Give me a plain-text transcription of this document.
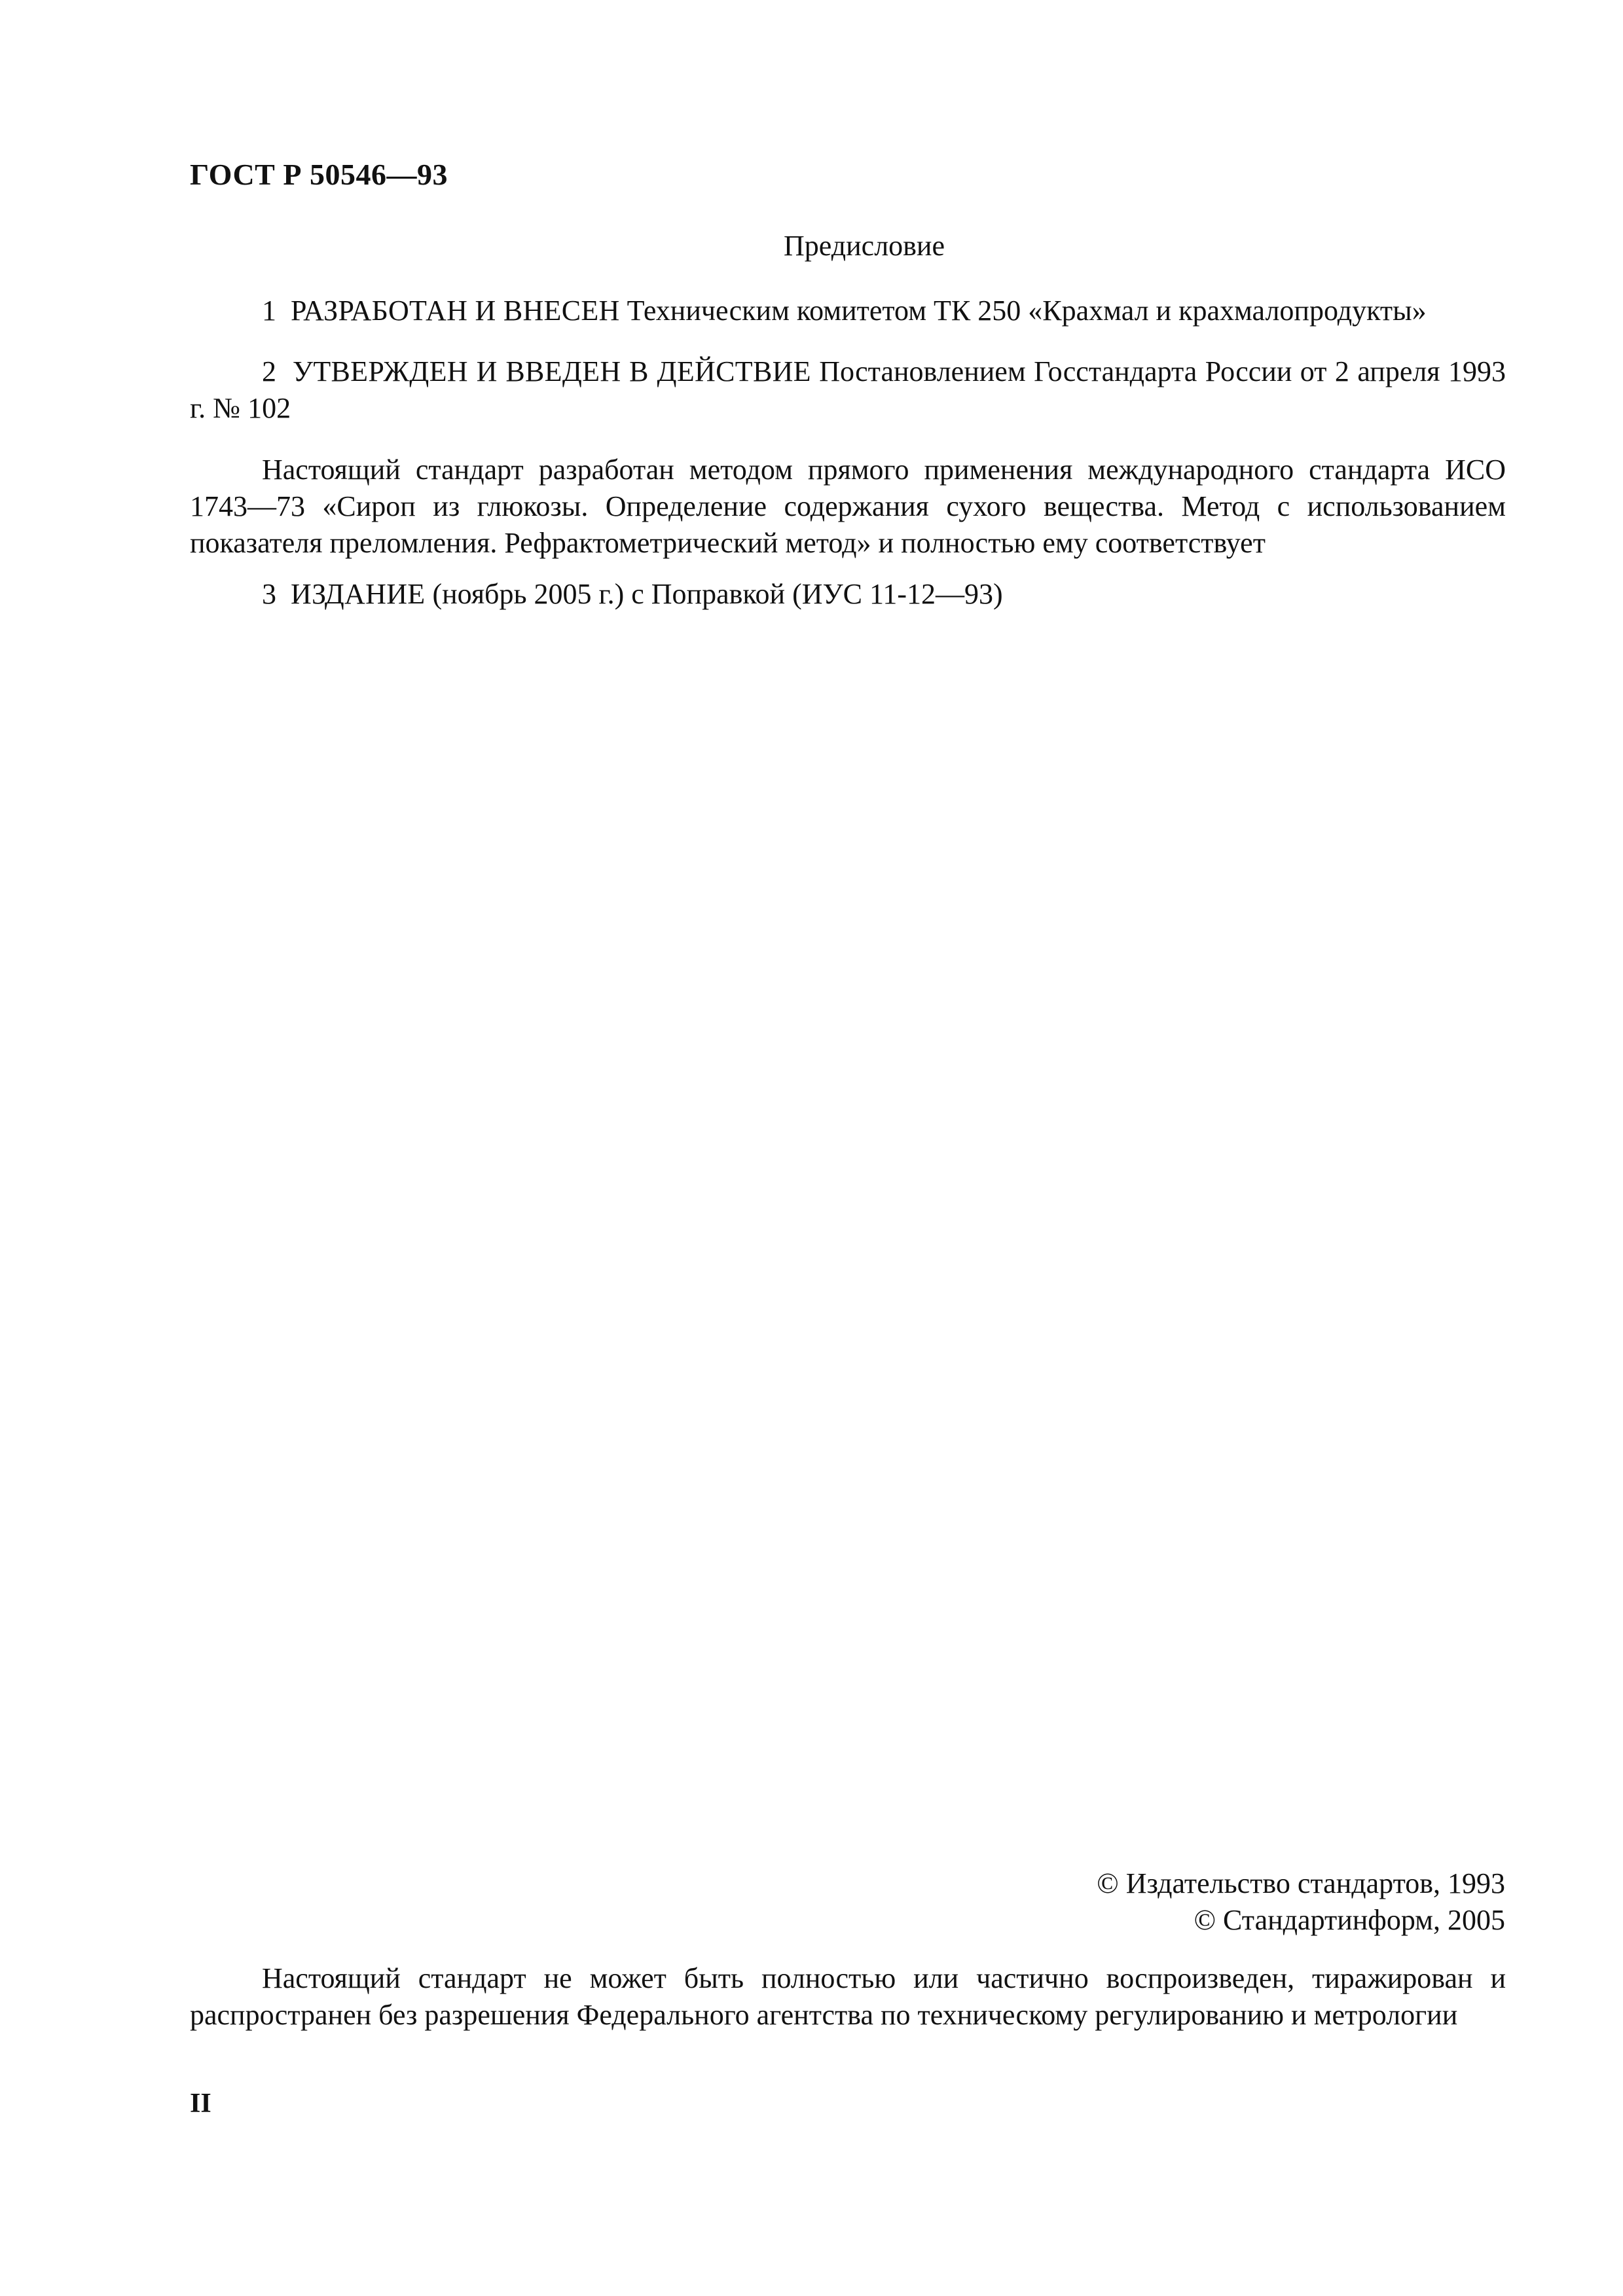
ГОСТ Р 50546—93
Предисловие

1 РАЗРАБОТАН И ВНЕСЕН Техническим комитетом ТК 250 «Крахмал и крахмалопродукты»

2 УТВЕРЖДЕН И ВВЕДЕН В ДЕЙСТВИЕ Постановлением Госстандарта России от 2 апреля 1993 г. № 102

Настоящий стандарт разработан методом прямого применения международного стандарта ИСО 1743—73 «Сироп из глюкозы. Определение содержания сухого вещества. Метод с использованием показателя преломления. Рефрактометрический метод» и полностью ему соответствует

3 ИЗДАНИЕ (ноябрь 2005 г.) с Поправкой (ИУС 11-12—93)

© Издательство стандартов, 1993
© Стандартинформ, 2005

Настоящий стандарт не может быть полностью или частично воспроизведен, тиражирован и распространен без разрешения Федерального агентства по техническому регулированию и метрологии

II
